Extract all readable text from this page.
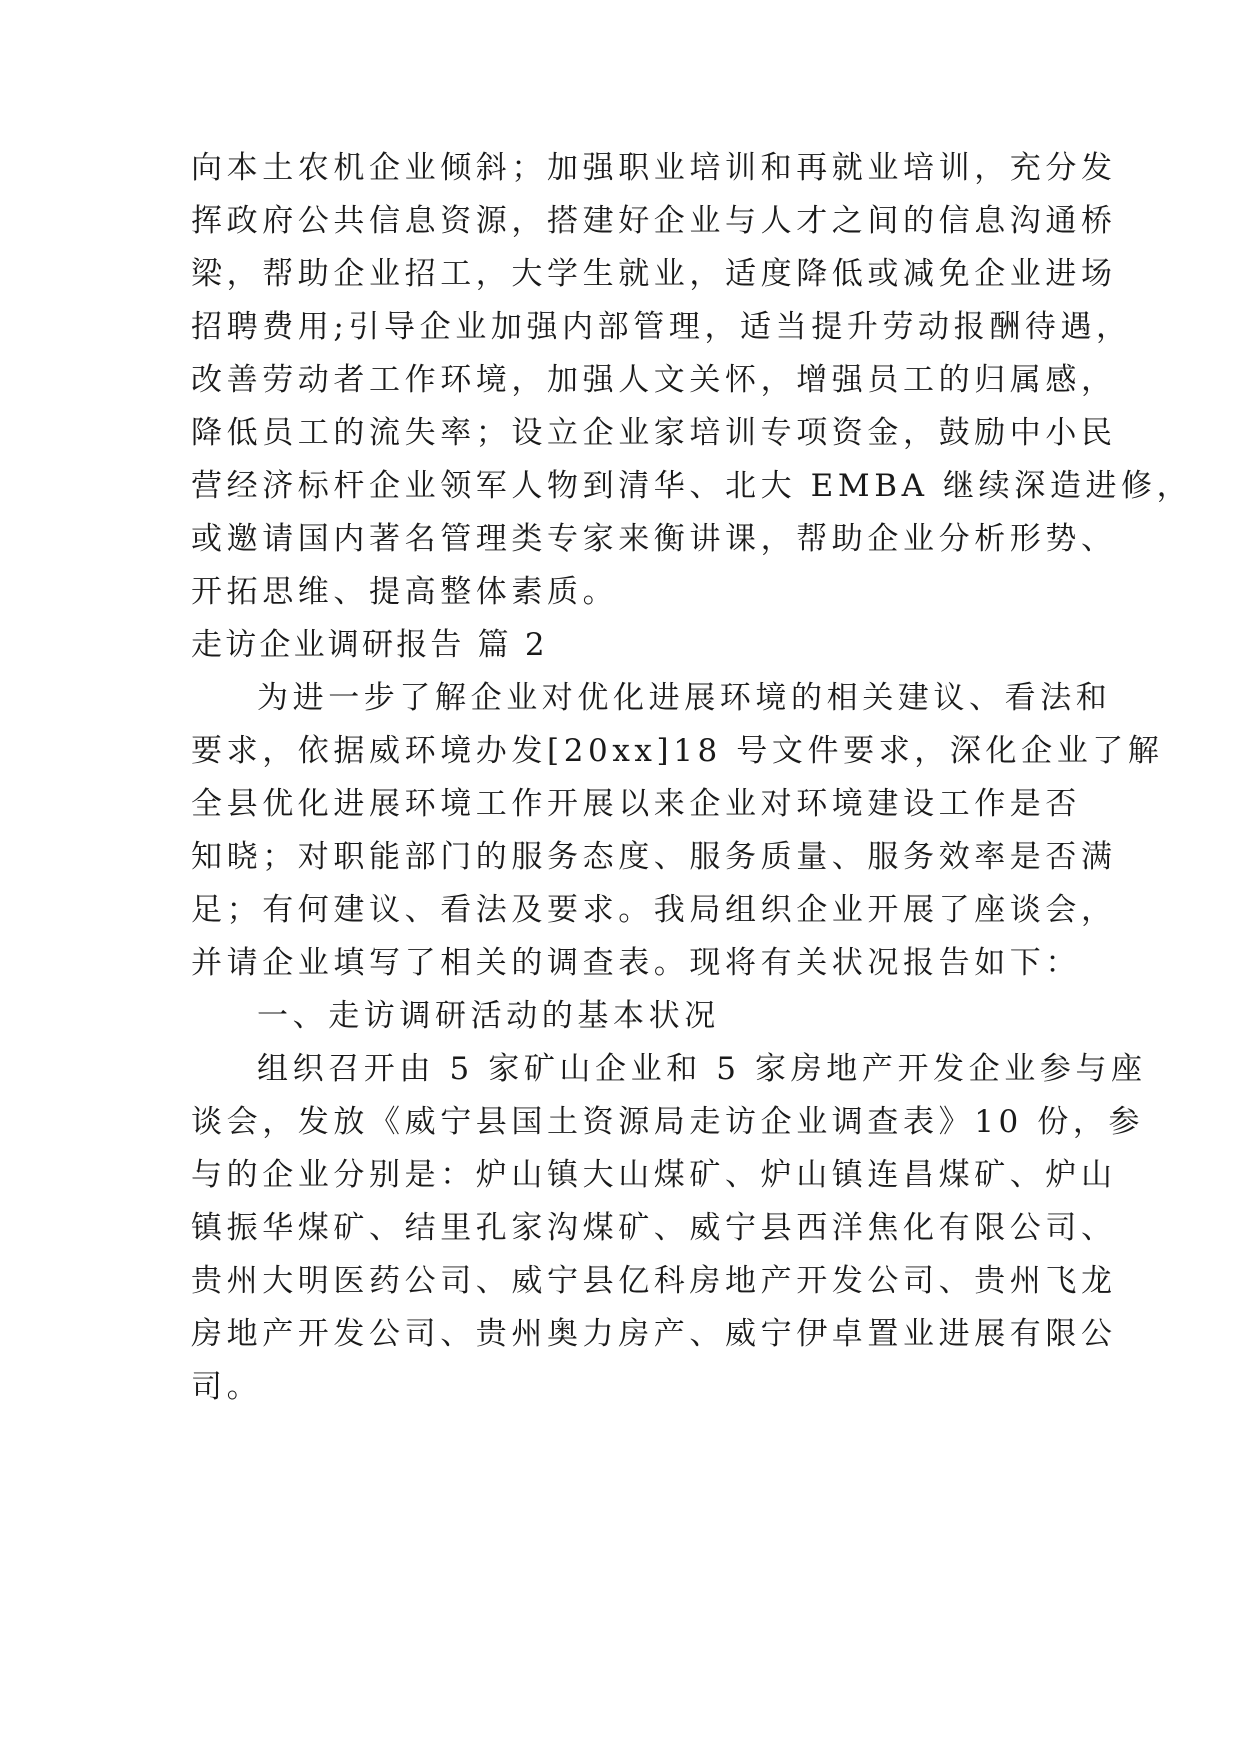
向本土农机企业倾斜；加强职业培训和再就业培训，充分发
挥政府公共信息资源，搭建好企业与人才之间的信息沟通桥
梁，帮助企业招工，大学生就业，适度降低或减免企业进场
招聘费用;引导企业加强内部管理，适当提升劳动报酬待遇，
改善劳动者工作环境，加强人文关怀，增强员工的归属感，
降低员工的流失率；设立企业家培训专项资金，鼓励中小民
营经济标杆企业领军人物到清华、北大 EMBA 继续深造进修，
或邀请国内著名管理类专家来衡讲课，帮助企业分析形势、
开拓思维、提高整体素质。
走访企业调研报告 篇 2
为进一步了解企业对优化进展环境的相关建议、看法和
要求，依据威环境办发[20xx]18 号文件要求，深化企业了解
全县优化进展环境工作开展以来企业对环境建设工作是否
知晓；对职能部门的服务态度、服务质量、服务效率是否满
足；有何建议、看法及要求。我局组织企业开展了座谈会，
并请企业填写了相关的调查表。现将有关状况报告如下：
一、走访调研活动的基本状况
组织召开由 5 家矿山企业和 5 家房地产开发企业参与座
谈会，发放《威宁县国土资源局走访企业调查表》10 份，参
与的企业分别是：炉山镇大山煤矿、炉山镇连昌煤矿、炉山
镇振华煤矿、结里孔家沟煤矿、威宁县西洋焦化有限公司、
贵州大明医药公司、威宁县亿科房地产开发公司、贵州飞龙
房地产开发公司、贵州奥力房产、威宁伊卓置业进展有限公
司。
